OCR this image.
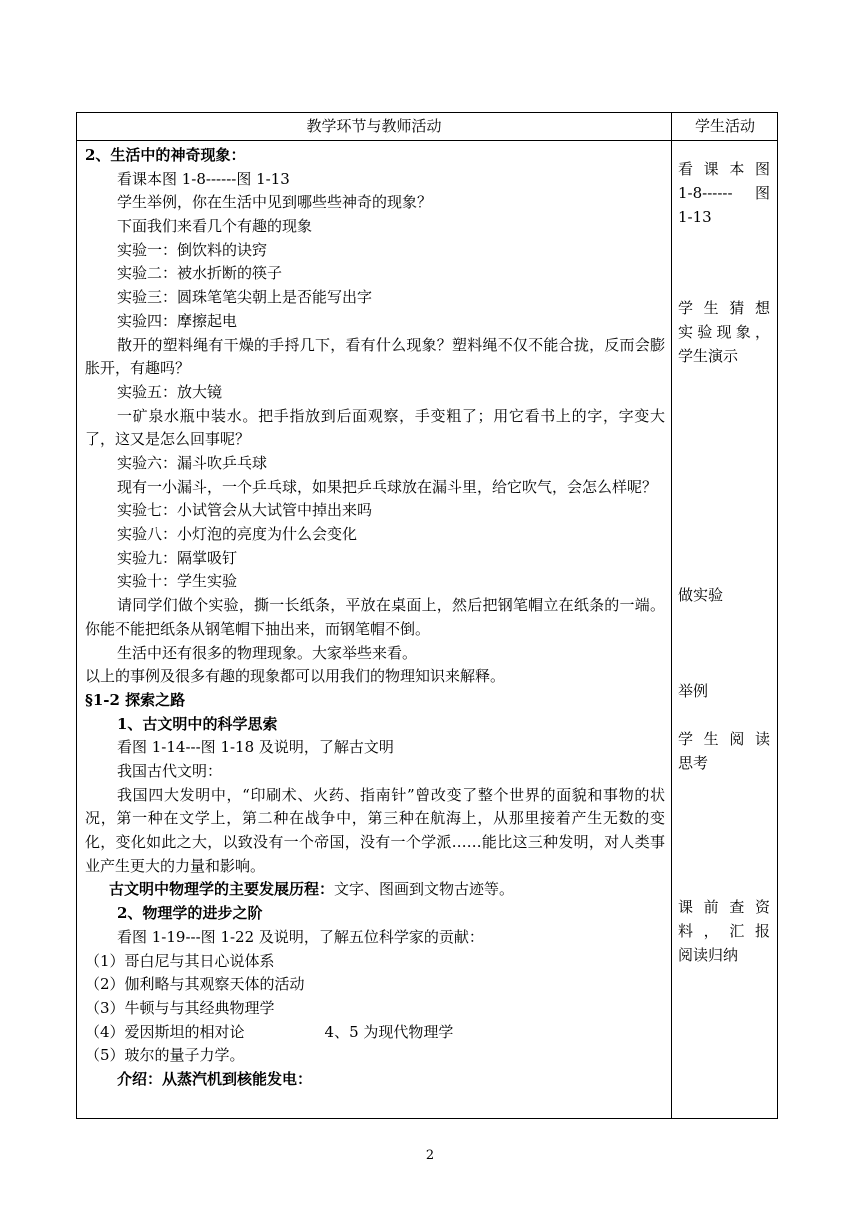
教学环节与教师活动	学生活动
2、生活中的神奇现象：
看课本图 1-8------图 1-13
学生举例，你在生活中见到哪些些神奇的现象？
下面我们来看几个有趣的现象
实验一：倒饮料的诀窍
实验二：被水折断的筷子
实验三：圆珠笔笔尖朝上是否能写出字
实验四：摩擦起电
散开的塑料绳有干燥的手捋几下，看有什么现象？塑料绳不仅不能合拢，反而会膨胀开，有趣吗？
实验五：放大镜
一矿泉水瓶中装水。把手指放到后面观察，手变粗了；用它看书上的字，字变大了，这又是怎么回事呢？
实验六：漏斗吹乒乓球
现有一小漏斗，一个乒乓球，如果把乒乓球放在漏斗里，给它吹气，会怎么样呢？
实验七：小试管会从大试管中掉出来吗
实验八：小灯泡的亮度为什么会变化
实验九：隔掌吸钉
实验十：学生实验
请同学们做个实验，撕一长纸条，平放在桌面上，然后把钢笔帽立在纸条的一端。你能不能把纸条从钢笔帽下抽出来，而钢笔帽不倒。
生活中还有很多的物理现象。大家举些来看。
以上的事例及很多有趣的现象都可以用我们的物理知识来解释。
§1-2 探索之路
1、古文明中的科学思索
看图 1-14---图 1-18 及说明，了解古文明
我国古代文明：
我国四大发明中，“印刷术、火药、指南针”曾改变了整个世界的面貌和事物的状况，第一种在文学上，第二种在战争中，第三种在航海上，从那里接着产生无数的变化，变化如此之大，以致没有一个帝国，没有一个学派……能比这三种发明，对人类事业产生更大的力量和影响。
古文明中物理学的主要发展历程：文字、图画到文物古迹等。
2、物理学的进步之阶
看图 1-19---图 1-22 及说明，了解五位科学家的贡献：
（1）哥白尼与其日心说体系
（2）伽利略与其观察天体的活动
（3）牛顿与与其经典物理学
（4）爱因斯坦的相对论	4、5 为现代物理学
（5）玻尔的量子力学。
介绍：从蒸汽机到核能发电：
看课本图
1-8------ 图
1-13
学生猜想
实验现象，
学生演示
做实验
举例
学生阅读
思考
课前查资
料，汇报
阅读归纳
2
